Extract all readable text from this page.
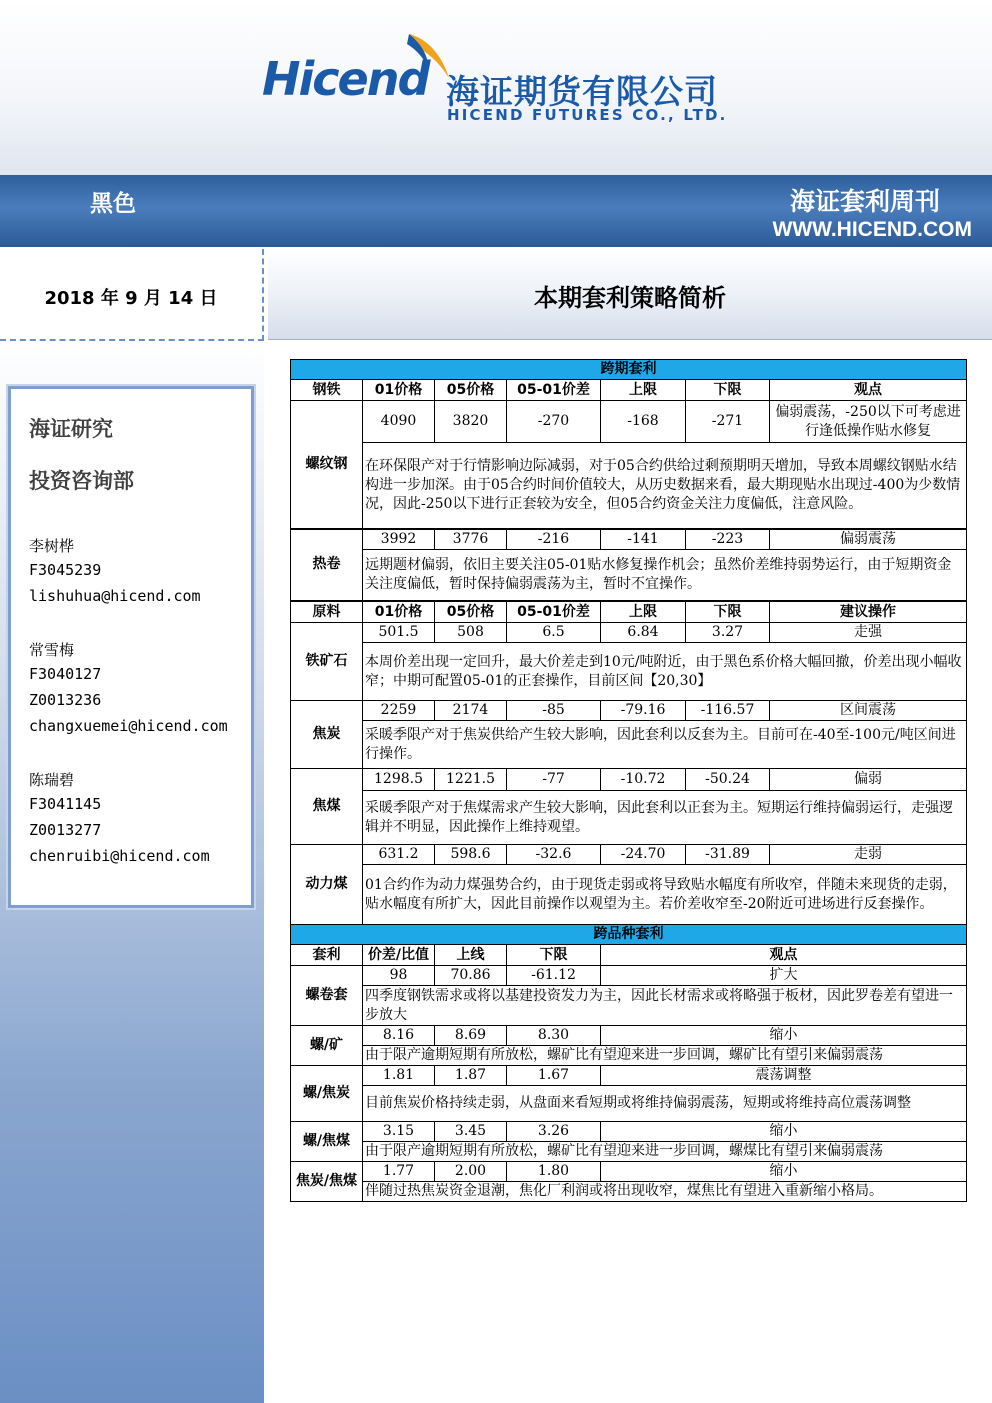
Hicend 海证期货有限公司
HICEND FUTURES CO., LTD.
黑色	海证套利周刊
WWW.HICEND.COM
2018 年 9 月 14 日
海证研究
投资咨询部
李树桦
F3045239
lishuhua@hicend.com
常雪梅
F3040127
Z0013236
changxuemei@hicend.com
陈瑞碧
F3041145
Z0013277
chenruibi@hicend.com
本期套利策略简析
跨期套利						
钢铁	01价格	05价格	05-01价差	上限	下限	观点
螺纹钢	4090	3820	-270	-168	-271	偏弱震荡，-250以下可考虑进行逢低操作贴水修复
	在环保限产对于行情影响边际减弱，对于05合约供给过剩预期明天增加，导致本周螺纹钢贴水结构进一步加深。由于05合约时间价值较大，从历史数据来看，最大期现贴水出现过-400为少数情况，因此-250以下进行正套较为安全，但05合约资金关注力度偏低，注意风险。					
热卷	3992	3776	-216	-141	-223	偏弱震荡
	远期题材偏弱，依旧主要关注05-01贴水修复操作机会；虽然价差维持弱势运行，由于短期资金关注度偏低，暂时保持偏弱震荡为主，暂时不宜操作。					
原料	01价格	05价格	05-01价差	上限	下限	建议操作
铁矿石	501.5	508	6.5	6.84	3.27	走强
	本周价差出现一定回升，最大价差走到10元/吨附近，由于黑色系价格大幅回撤，价差出现小幅收窄；中期可配置05-01的正套操作，目前区间【20,30】					
焦炭	2259	2174	-85	-79.16	-116.57	区间震荡
	采暖季限产对于焦炭供给产生较大影响，因此套利以反套为主。目前可在-40至-100元/吨区间进行操作。					
焦煤	1298.5	1221.5	-77	-10.72	-50.24	偏弱
	采暖季限产对于焦煤需求产生较大影响，因此套利以正套为主。短期运行维持偏弱运行，走强逻辑并不明显，因此操作上维持观望。					
动力煤	631.2	598.6	-32.6	-24.70	-31.89	走弱
	01合约作为动力煤强势合约，由于现货走弱或将导致贴水幅度有所收窄，伴随未来现货的走弱，贴水幅度有所扩大，因此目前操作以观望为主。若价差收窄至-20附近可进场进行反套操作。					
跨品种套利						
套利	价差/比值	上线	下限	观点		
螺卷套	98	70.86	-61.12	扩大		
	四季度钢铁需求或将以基建投资发力为主，因此长材需求或将略强于板材，因此罗卷差有望进一步放大					
螺/矿	8.16	8.69	8.30	缩小		
	由于限产逾期短期有所放松，螺矿比有望迎来进一步回调，螺矿比有望引来偏弱震荡					
螺/焦炭	1.81	1.87	1.67	震荡调整		
	目前焦炭价格持续走弱，从盘面来看短期或将维持偏弱震荡，短期或将维持高位震荡调整					
螺/焦煤	3.15	3.45	3.26	缩小		
	由于限产逾期短期有所放松，螺矿比有望迎来进一步回调，螺煤比有望引来偏弱震荡					
焦炭/焦煤	1.77	2.00	1.80	缩小		
	伴随过热焦炭资金退潮，焦化厂利润或将出现收窄，煤焦比有望进入重新缩小格局。					
